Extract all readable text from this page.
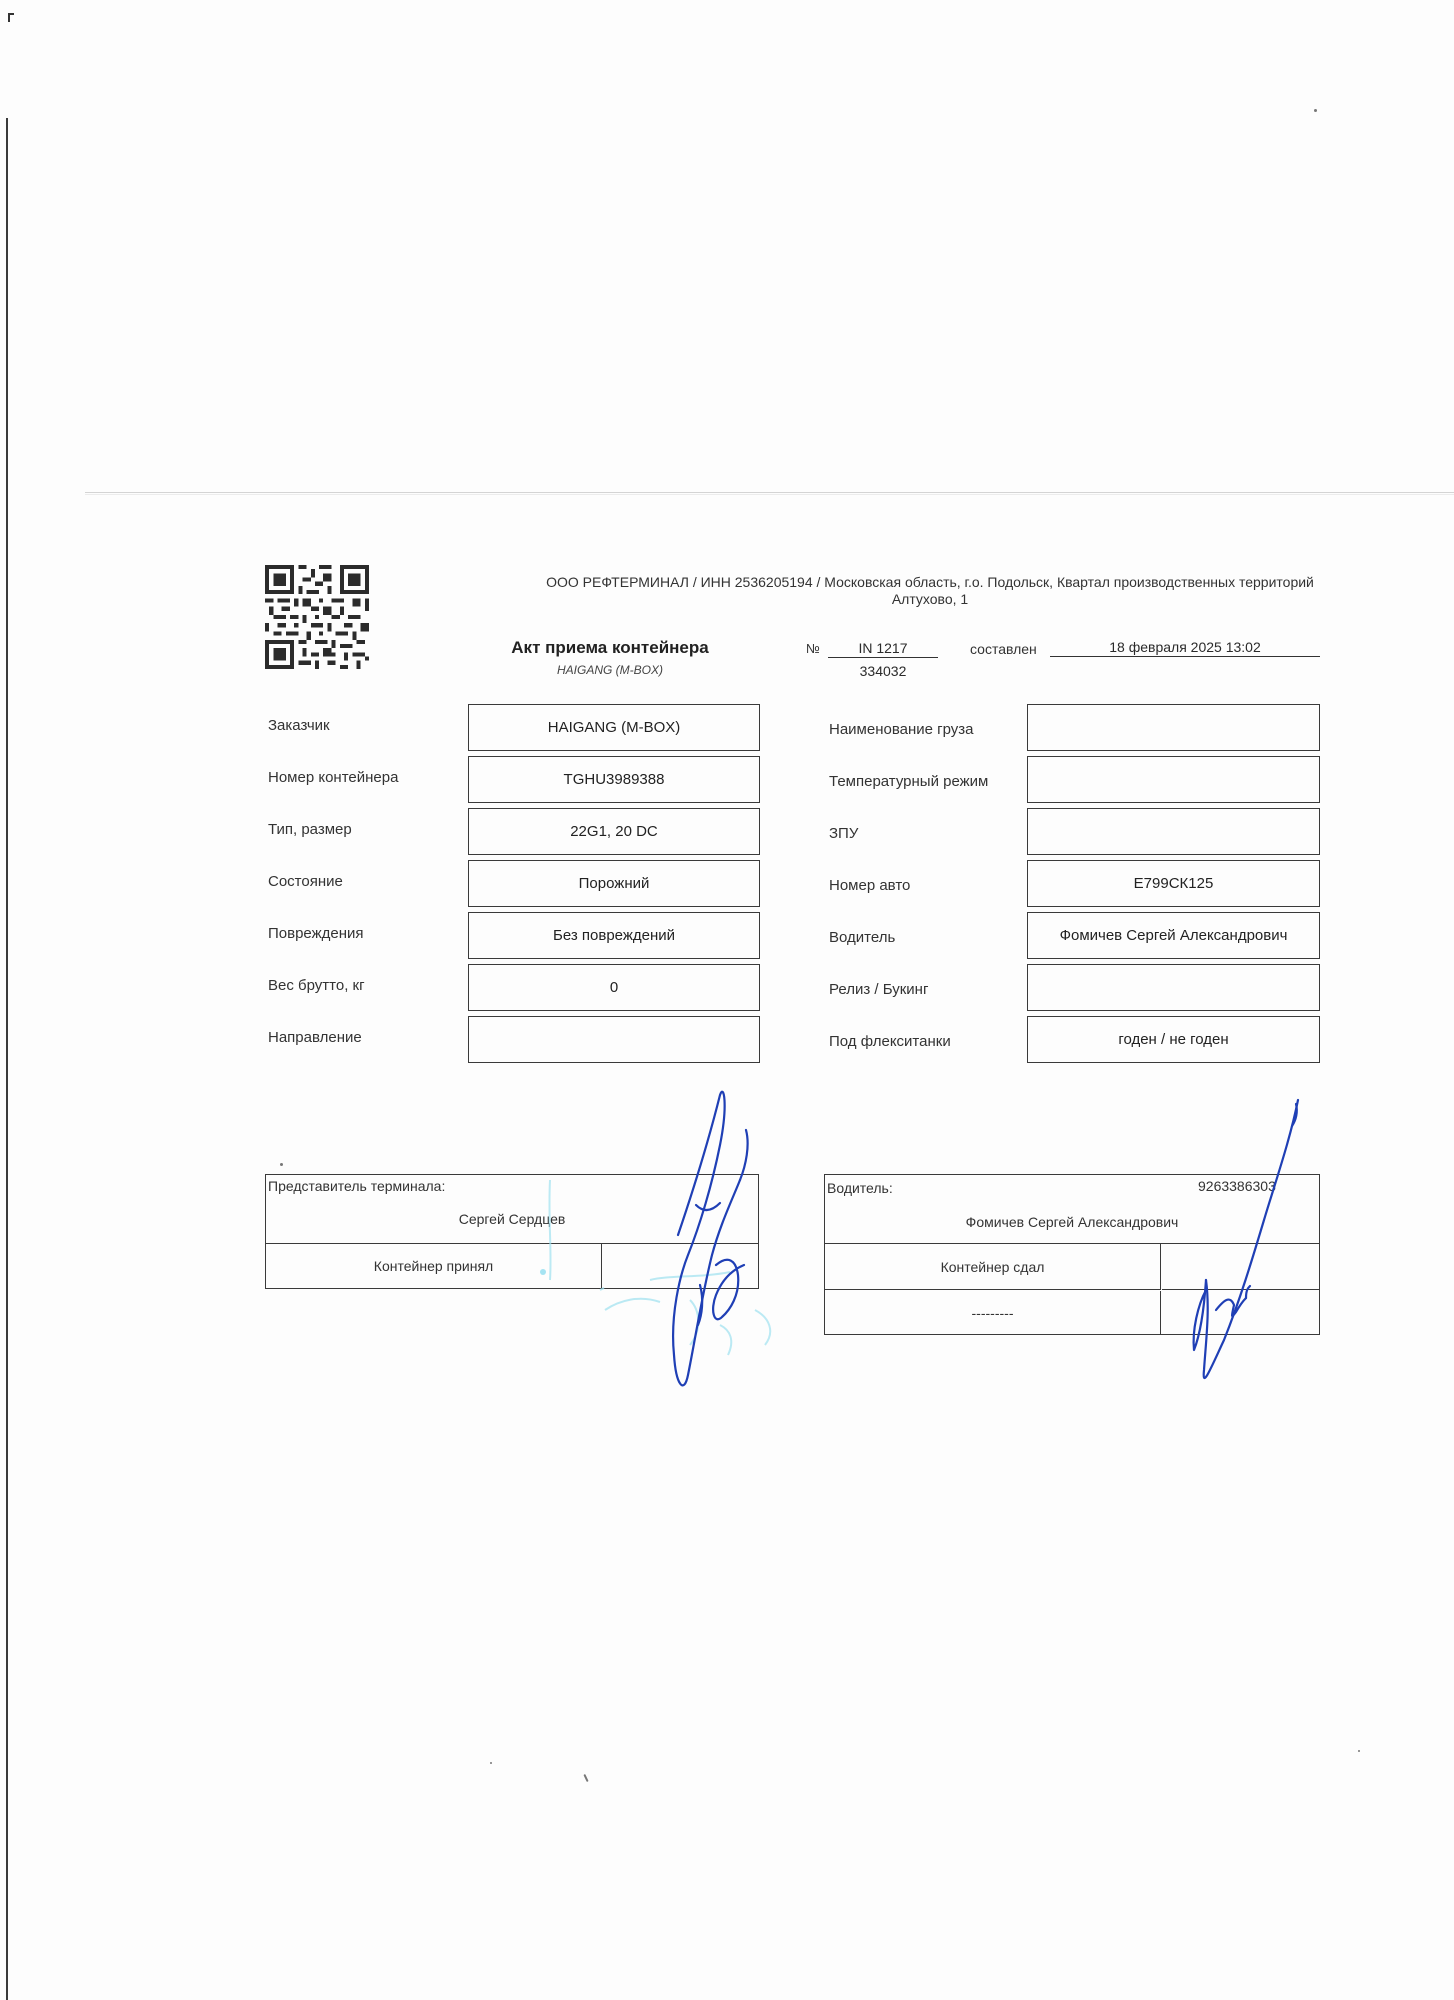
ООО РЕФТЕРМИНАЛ / ИНН 2536205194 / Московская область, г.о. Подольск, Квартал производственных территорий
Алтухово, 1
Акт приема контейнера
HAIGANG (M-BOX)
№	IN 1217
334032
составлен	18 февраля 2025 13:02
Заказчик	HAIGANG (M-BOX)
Номер контейнера	TGHU3989388
Тип, размер	22G1, 20 DC
Состояние	Порожний
Повреждения	Без повреждений
Вес брутто, кг	0
Направление
Наименование груза
Температурный режим
ЗПУ
Номер авто	Е799СК125
Водитель	Фомичев Сергей Александрович
Релиз / Букинг
Под флекситанки	годен / не годен
Представитель терминала:
Сергей Сердцев
Контейнер принял
Водитель:	9263386303
Фомичев Сергей Александрович
Контейнер сдал
---------
